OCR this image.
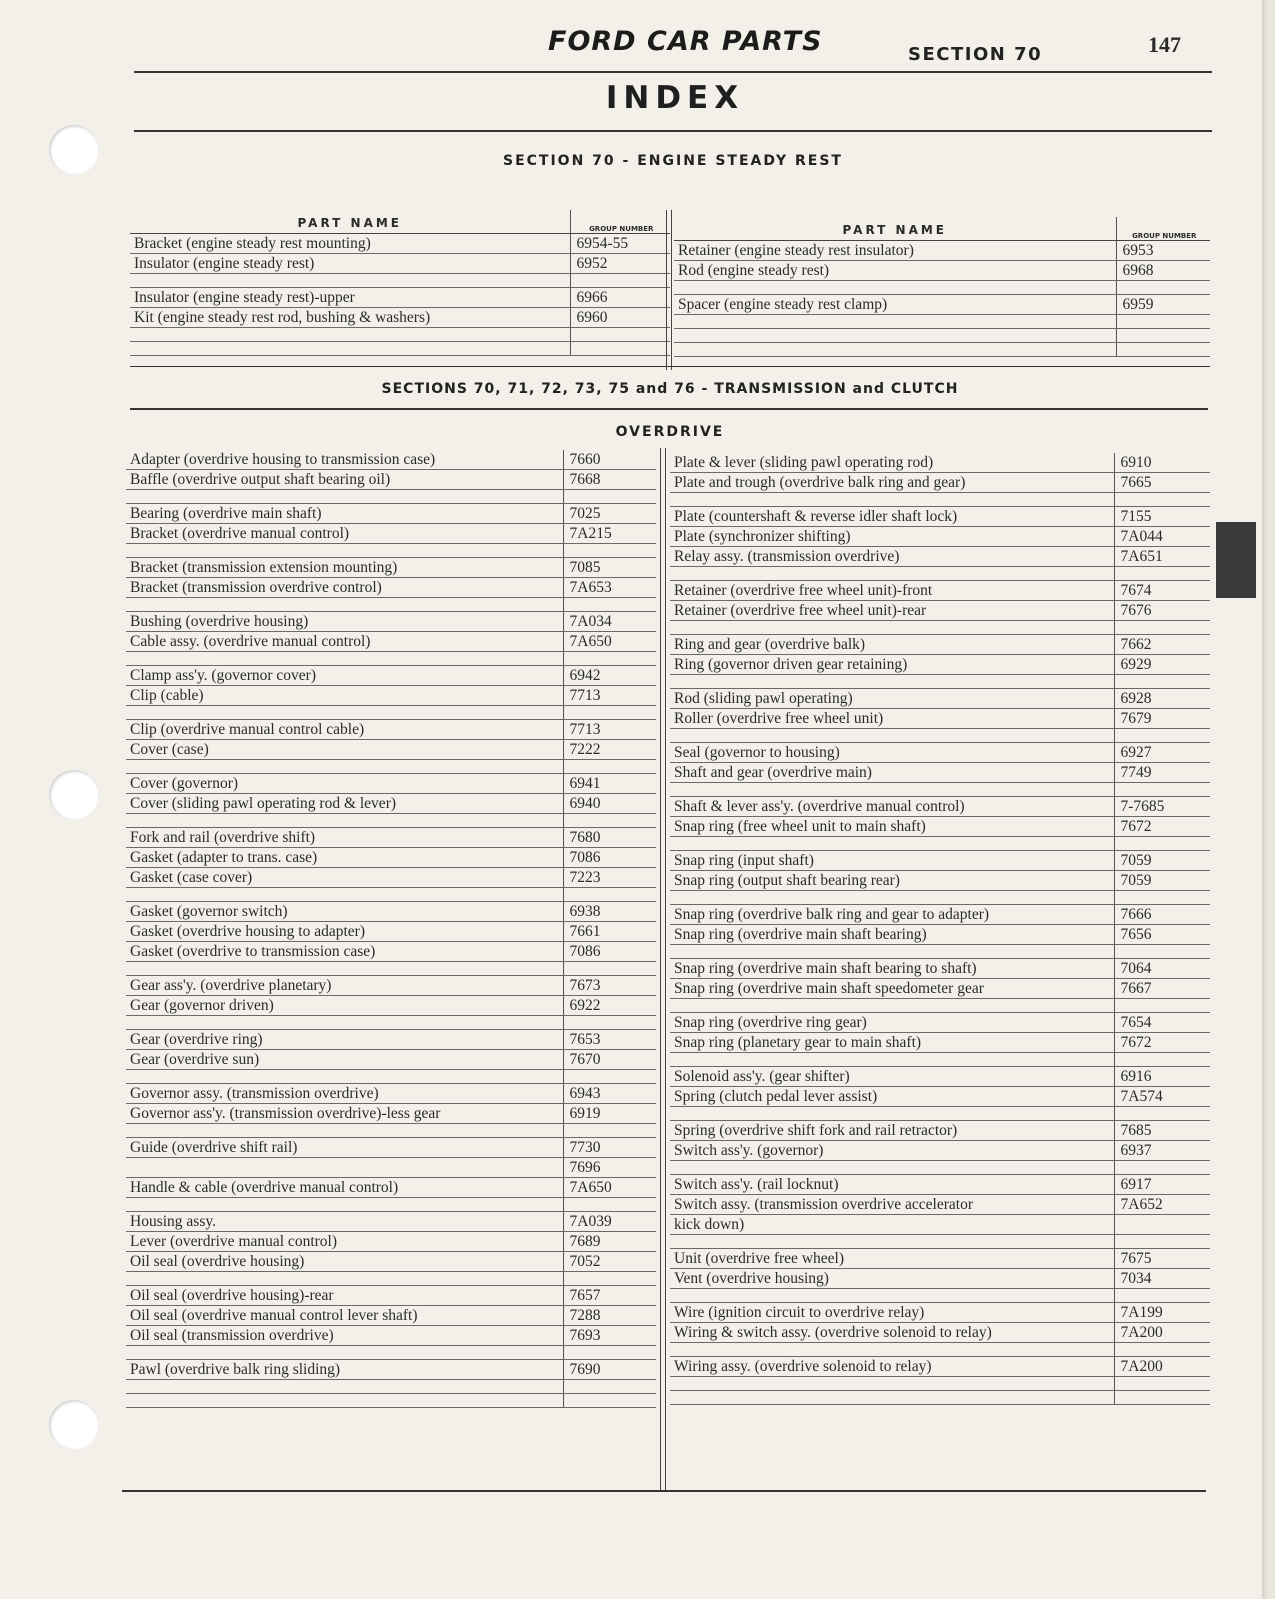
FORD CAR PARTS	SECTION 70	147
INDEX
SECTION 70 - ENGINE STEADY REST
PART NAME	GROUP NUMBER
Bracket (engine steady rest mounting)	6954-55
Insulator (engine steady rest)	6952

Insulator (engine steady rest)-upper	6966
Kit (engine steady rest rod, bushing & washers)	6960

PART NAME	GROUP NUMBER
Retainer (engine steady rest insulator)	6953
Rod (engine steady rest)	6968

Spacer (engine steady rest clamp)	6959

SECTIONS 70, 71, 72, 73, 75 and 76 - TRANSMISSION and CLUTCH
OVERDRIVE
Adapter (overdrive housing to transmission case)	7660
Baffle (overdrive output shaft bearing oil)	7668

Bearing (overdrive main shaft)	7025
Bracket (overdrive manual control)	7A215

Bracket (transmission extension mounting)	7085
Bracket (transmission overdrive control)	7A653

Bushing (overdrive housing)	7A034
Cable assy. (overdrive manual control)	7A650

Clamp ass'y. (governor cover)	6942
Clip (cable)	7713

Clip (overdrive manual control cable)	7713
Cover (case)	7222

Cover (governor)	6941
Cover (sliding pawl operating rod & lever)	6940

Fork and rail (overdrive shift)	7680
Gasket (adapter to trans. case)	7086
Gasket (case cover)	7223

Gasket (governor switch)	6938
Gasket (overdrive housing to adapter)	7661
Gasket (overdrive to transmission case)	7086

Gear ass'y. (overdrive planetary)	7673
Gear (governor driven)	6922

Gear (overdrive ring)	7653
Gear (overdrive sun)	7670

Governor assy. (transmission overdrive)	6943
Governor ass'y. (transmission overdrive)-less gear	6919

Guide (overdrive shift rail)	7730
	7696
Handle & cable (overdrive manual control)	7A650

Housing assy.	7A039
Lever (overdrive manual control)	7689
Oil seal (overdrive housing)	7052

Oil seal (overdrive housing)-rear	7657
Oil seal (overdrive manual control lever shaft)	7288
Oil seal (transmission overdrive)	7693

Pawl (overdrive balk ring sliding)	7690

Plate & lever (sliding pawl operating rod)	6910
Plate and trough (overdrive balk ring and gear)	7665

Plate (countershaft & reverse idler shaft lock)	7155
Plate (synchronizer shifting)	7A044
Relay assy. (transmission overdrive)	7A651

Retainer (overdrive free wheel unit)-front	7674
Retainer (overdrive free wheel unit)-rear	7676

Ring and gear (overdrive balk)	7662
Ring (governor driven gear retaining)	6929

Rod (sliding pawl operating)	6928
Roller (overdrive free wheel unit)	7679

Seal (governor to housing)	6927
Shaft and gear (overdrive main)	7749

Shaft & lever ass'y. (overdrive manual control)	7-7685
Snap ring (free wheel unit to main shaft)	7672

Snap ring (input shaft)	7059
Snap ring (output shaft bearing rear)	7059

Snap ring (overdrive balk ring and gear to adapter)	7666
Snap ring (overdrive main shaft bearing)	7656

Snap ring (overdrive main shaft bearing to shaft)	7064
Snap ring (overdrive main shaft speedometer gear	7667

Snap ring (overdrive ring gear)	7654
Snap ring (planetary gear to main shaft)	7672

Solenoid ass'y. (gear shifter)	6916
Spring (clutch pedal lever assist)	7A574

Spring (overdrive shift fork and rail retractor)	7685
Switch ass'y. (governor)	6937

Switch ass'y. (rail locknut)	6917
Switch assy. (transmission overdrive accelerator	7A652
kick down)	

Unit (overdrive free wheel)	7675
Vent (overdrive housing)	7034

Wire (ignition circuit to overdrive relay)	7A199
Wiring & switch assy. (overdrive solenoid to relay)	7A200

Wiring assy. (overdrive solenoid to relay)	7A200
